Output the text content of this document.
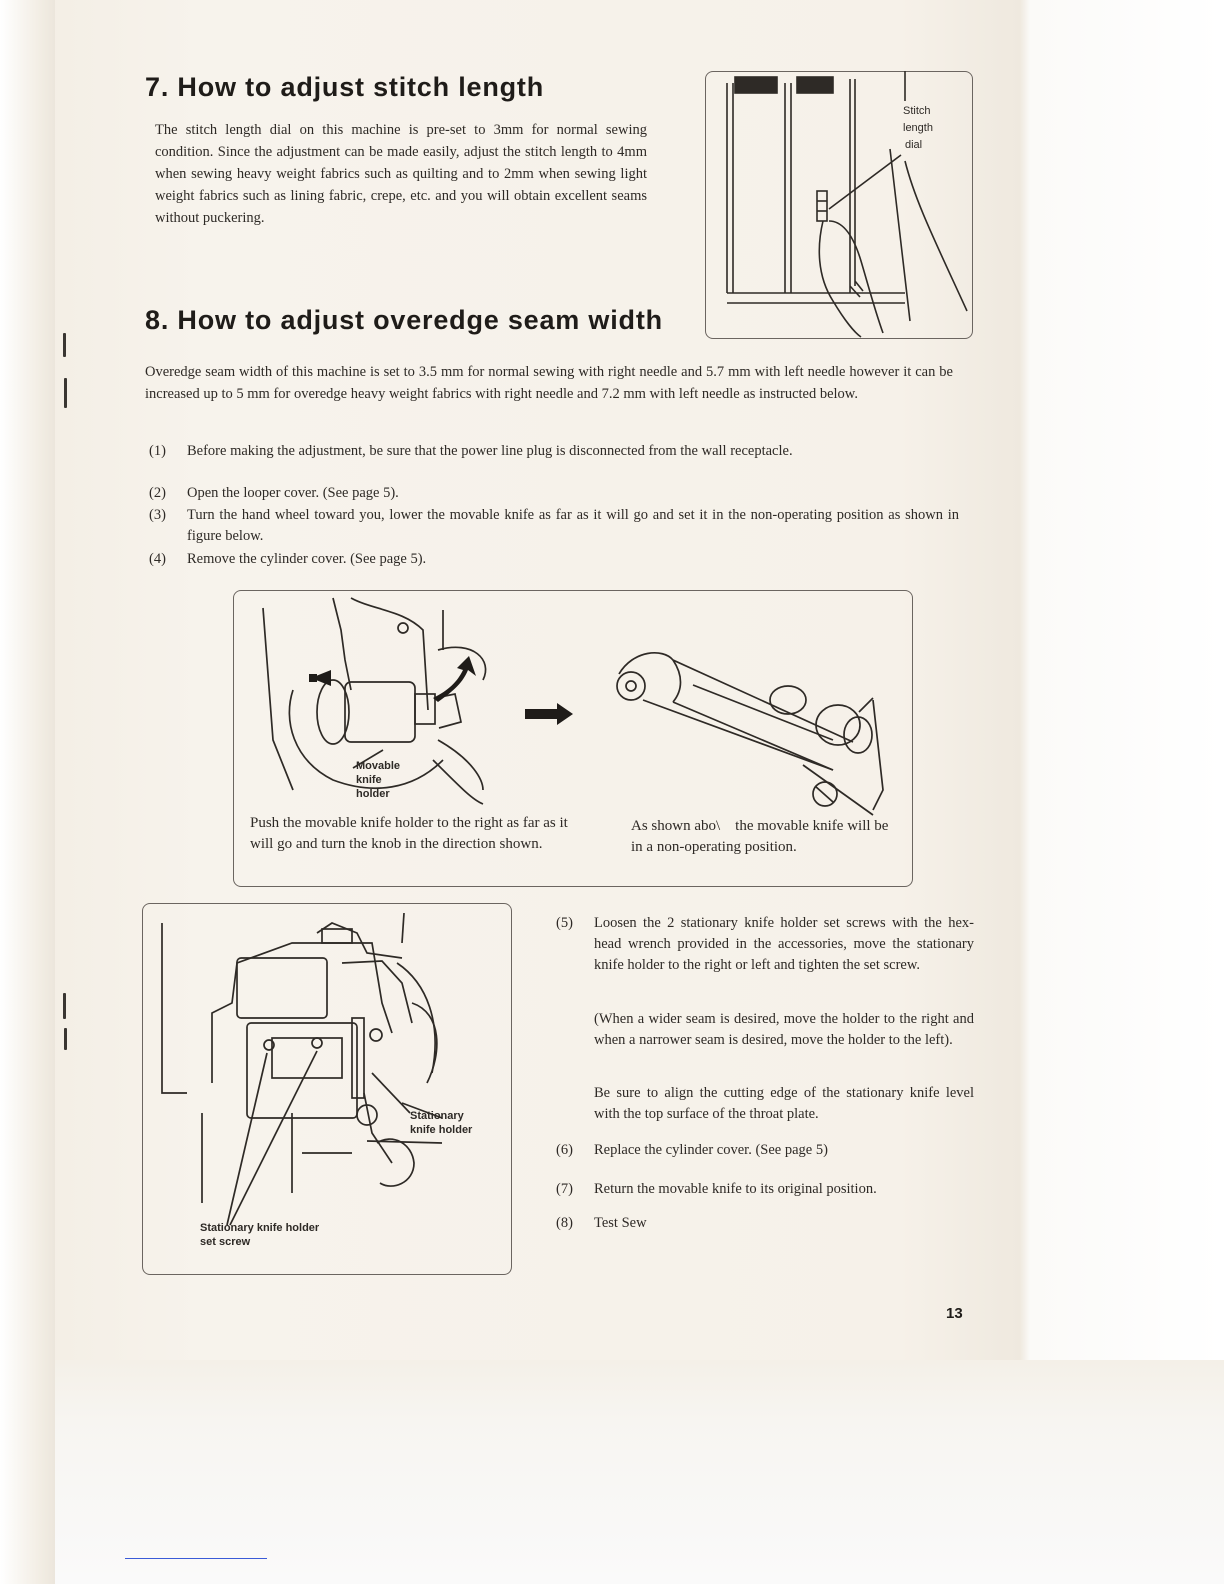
7. How to adjust stitch length

The stitch length dial on this machine is pre-set to 3mm for normal sewing condition. Since the adjustment can be made easily, adjust the stitch length to 4mm when sewing heavy weight fabrics such as quilting and to 2mm when sewing light weight fabrics such as lining fabric, crepe, etc. and you will obtain excellent seams without puckering.

Stitch
length
dial
8. How to adjust overedge seam width

Overedge seam width of this machine is set to 3.5 mm for normal sewing with right needle and 5.7 mm with left needle however it can be increased up to 5 mm for overedge heavy weight fabrics with right needle and 7.2 mm with left needle as instructed below.

(1) Before making the adjustment, be sure that the power line plug is disconnected from the wall receptacle.
(2) Open the looper cover. (See page 5).
(3) Turn the hand wheel toward you, lower the movable knife as far as it will go and set it in the non-operating position as shown in figure below.
(4) Remove the cylinder cover. (See page 5).
Movable
knife
holder
Push the movable knife holder to the right as far as it will go and turn the knob in the direction shown.
As shown abo\    the movable knife will be in a non-operating position.
Stationary
knife holder
Stationary knife holder
set screw
(5) Loosen the 2 stationary knife holder set screws with the hex-head wrench provided in the accessories, move the stationary knife holder to the right or left and tighten the set screw.
(When a wider seam is desired, move the holder to the right and when a narrower seam is desired, move the holder to the left).
Be sure to align the cutting edge of the stationary knife level with the top surface of the throat plate.
(6) Replace the cylinder cover. (See page 5)
(7) Return the movable knife to its original position.
(8) Test Sew
13
